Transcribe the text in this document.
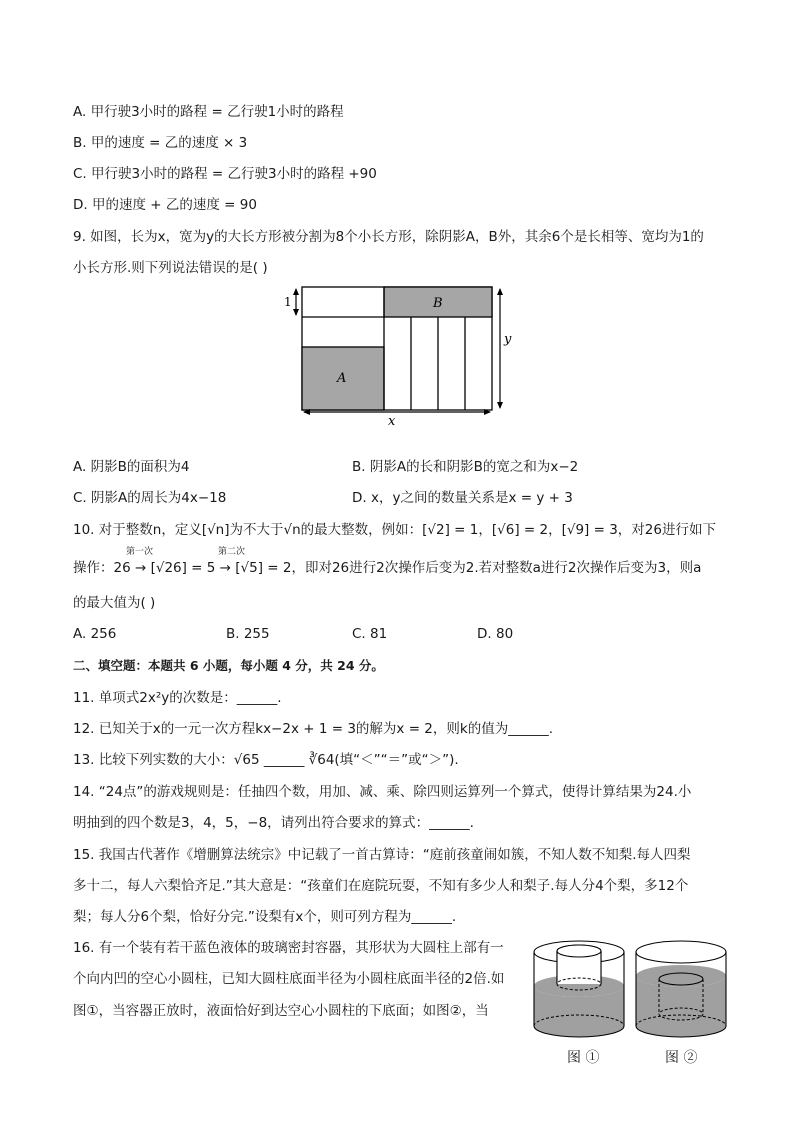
A. 甲行驶3小时的路程 = 乙行驶1小时的路程
B. 甲的速度 = 乙的速度 × 3
C. 甲行驶3小时的路程 = 乙行驶3小时的路程 +90
D. 甲的速度 + 乙的速度 = 90
9. 如图，长为x，宽为y的大长方形被分割为8个小长方形，除阴影A，B外，其余6个是长相等、宽均为1的
小长方形.则下列说法错误的是( )
1	B
A
y
x
A. 阴影B的面积为4	B. 阴影A的长和阴影B的宽之和为x−2
C. 阴影A的周长为4x−18	D. x，y之间的数量关系是x = y + 3
10. 对于整数n，定义[√n]为不大于√n的最大整数，例如：[√2] = 1，[√6] = 2，[√9] = 3，对26进行如下
第一次	第二次
操作：26 → [√26] = 5 → [√5] = 2，即对26进行2次操作后变为2.若对整数a进行2次操作后变为3，则a
的最大值为( )
A. 256	B. 255	C. 81	D. 80
二、填空题：本题共 6 小题，每小题 4 分，共 24 分。
11. 单项式2x²y的次数是：______.
12. 已知关于x的一元一次方程kx−2x + 1 = 3的解为x = 2，则k的值为______.
13. 比较下列实数的大小：√65 ______ ∛64(填“＜”“＝”或“＞”).
14. “24点”的游戏规则是：任抽四个数，用加、减、乘、除四则运算列一个算式，使得计算结果为24.小
明抽到的四个数是3，4，5，−8，请列出符合要求的算式：______.
15. 我国古代著作《增删算法统宗》中记载了一首古算诗：“庭前孩童闹如簇，不知人数不知梨.每人四梨
多十二，每人六梨恰齐足.”其大意是：“孩童们在庭院玩耍，不知有多少人和梨子.每人分4个梨，多12个
梨；每人分6个梨，恰好分完.”设梨有x个，则可列方程为______.
16. 有一个装有若干蓝色液体的玻璃密封容器，其形状为大圆柱上部有一
个向内凹的空心小圆柱，已知大圆柱底面半径为小圆柱底面半径的2倍.如
图①，当容器正放时，液面恰好到达空心小圆柱的下底面；如图②，当
图 ①	图 ②
